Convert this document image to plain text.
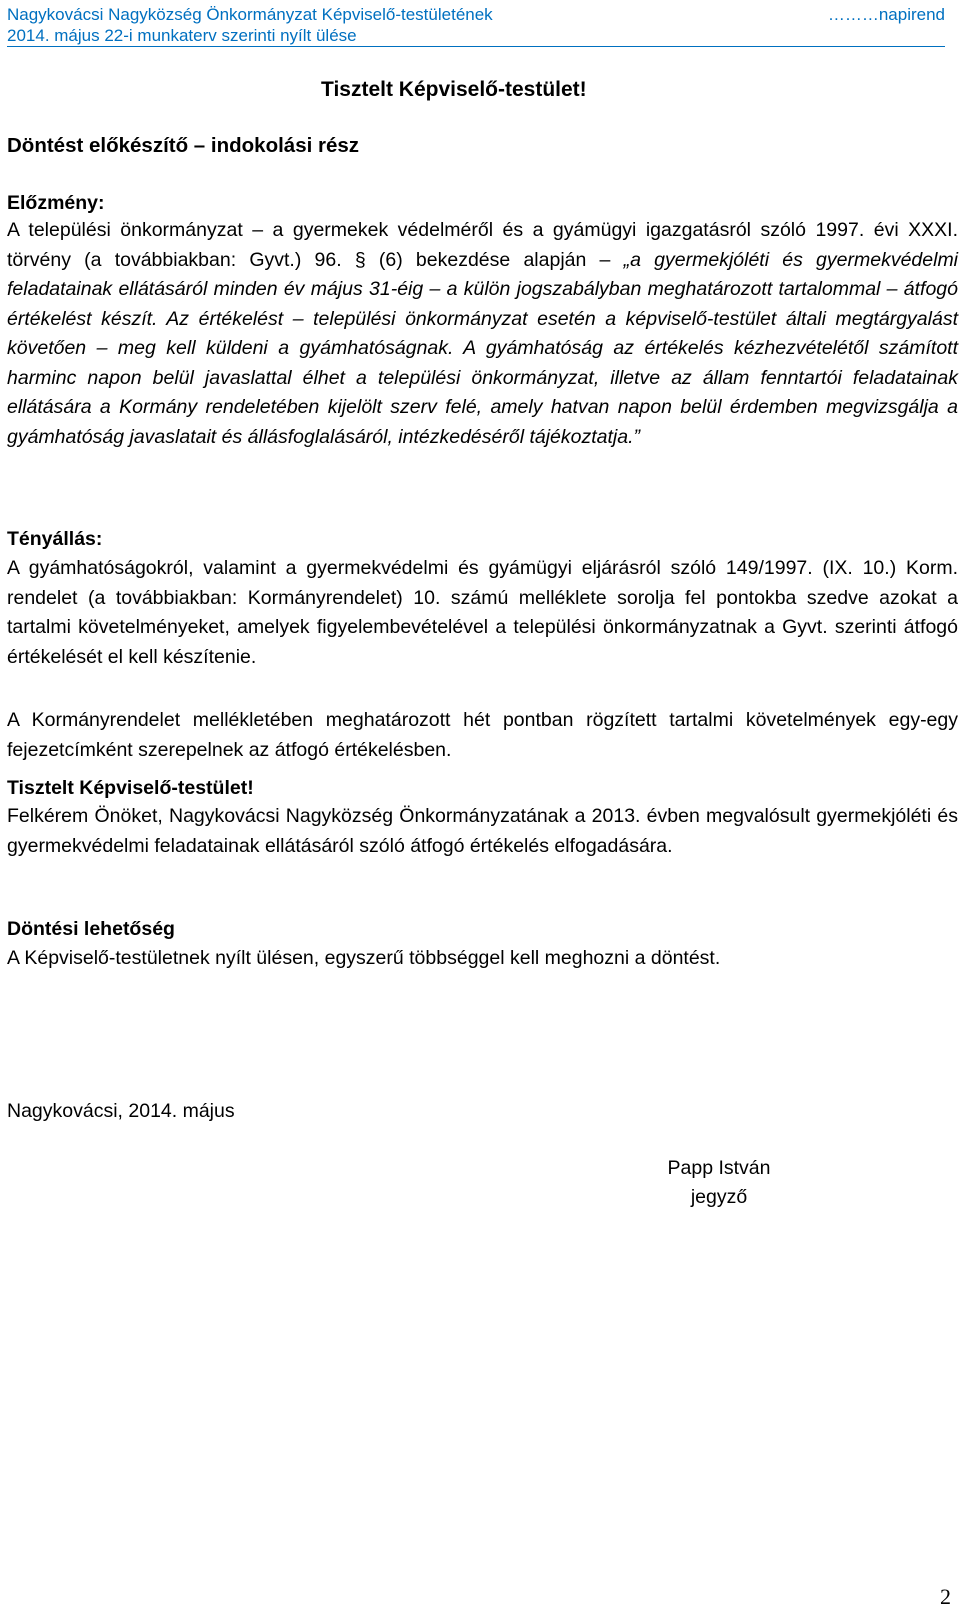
Nagykovácsi Nagyközség Önkormányzat Képviselő-testületének	………napirend
2014. május 22-i munkaterv szerinti nyílt ülése
Tisztelt Képviselő-testület!

Döntést előkészítő – indokolási rész

Előzmény:

A települési önkormányzat – a gyermekek védelméről és a gyámügyi igazgatásról szóló 1997. évi XXXI. törvény (a továbbiakban: Gyvt.) 96. § (6) bekezdése alapján – „a gyermekjóléti és gyermekvédelmi feladatainak ellátásáról minden év május 31-éig – a külön jogszabályban meghatározott tartalommal – átfogó értékelést készít. Az értékelést – települési önkormányzat esetén a képviselő-testület általi megtárgyalást követően – meg kell küldeni a gyámhatóságnak. A gyámhatóság az értékelés kézhezvételétől számított harminc napon belül javaslattal élhet a települési önkormányzat, illetve az állam fenntartói feladatainak ellátására a Kormány rendeletében kijelölt szerv felé, amely hatvan napon belül érdemben megvizsgálja a gyámhatóság javaslatait és állásfoglalásáról, intézkedéséről tájékoztatja.”

Tényállás:

A gyámhatóságokról, valamint a gyermekvédelmi és gyámügyi eljárásról szóló 149/1997. (IX. 10.) Korm. rendelet (a továbbiakban: Kormányrendelet) 10. számú melléklete sorolja fel pontokba szedve azokat a tartalmi követelményeket, amelyek figyelembevételével a települési önkormányzatnak a Gyvt. szerinti átfogó értékelését el kell készítenie.

A Kormányrendelet mellékletében meghatározott hét pontban rögzített tartalmi követelmények egy-egy fejezetcímként szerepelnek az átfogó értékelésben.

Tisztelt Képviselő-testület!

Felkérem Önöket, Nagykovácsi Nagyközség Önkormányzatának a 2013. évben megvalósult gyermekjóléti és gyermekvédelmi feladatainak ellátásáról szóló átfogó értékelés elfogadására.

Döntési lehetőség

A Képviselő-testületnek nyílt ülésen, egyszerű többséggel kell meghozni a döntést.

Nagykovácsi, 2014. május

Papp István
jegyző
2
